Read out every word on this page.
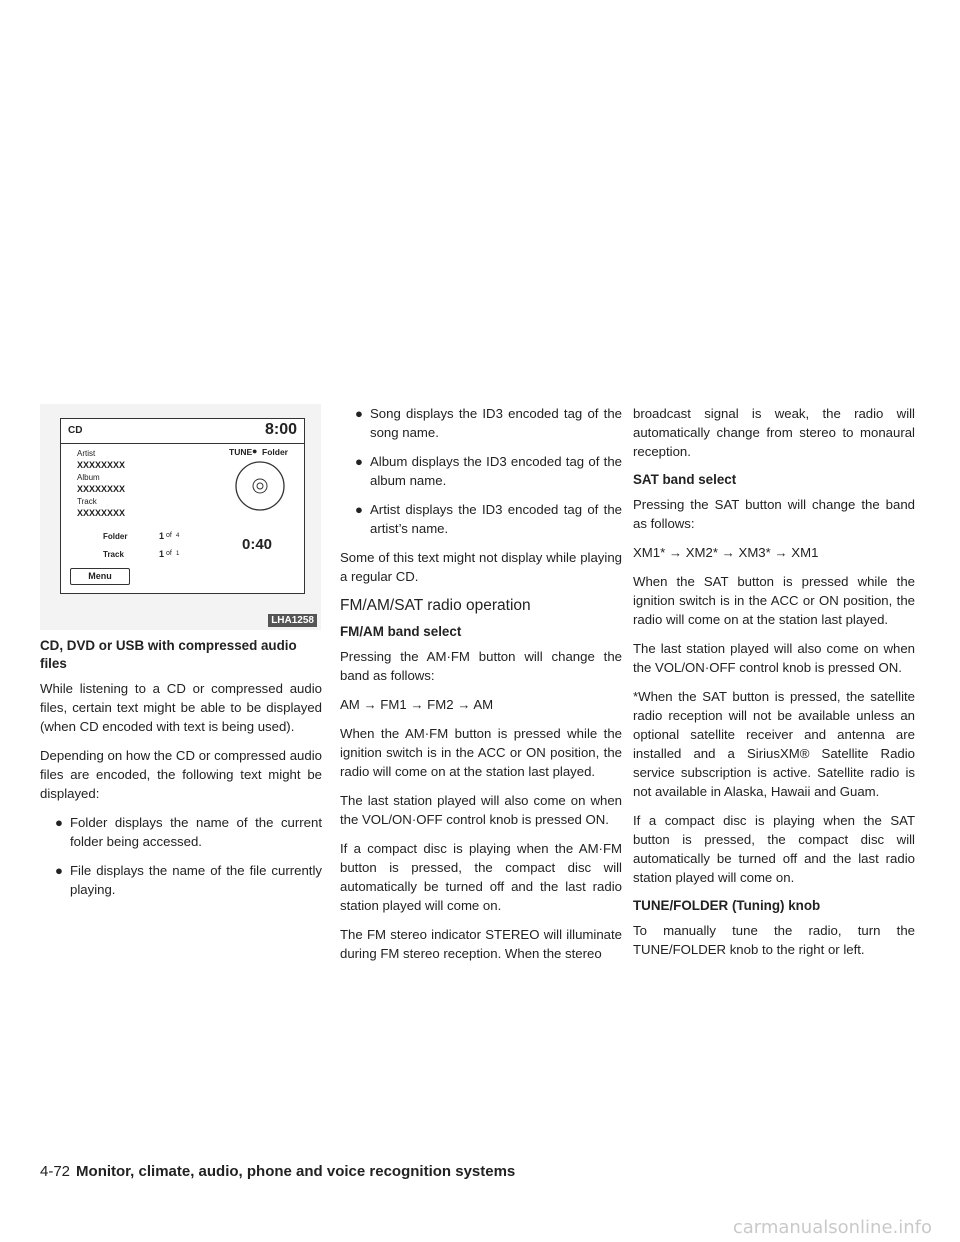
CD	8:00
Artist
XXXXXXXX
Album
XXXXXXXX
Track
XXXXXXXX
TUNE ● Folder
Folder	1 of 4
Track	1 of 1
0:40
Menu
LHA1258
CD, DVD or USB with compressed audio files

While listening to a CD or compressed audio files, certain text might be able to be displayed (when CD encoded with text is being used).

Depending on how the CD or compressed audio files are encoded, the following text might be displayed:

● Folder displays the name of the current folder being accessed.
● File displays the name of the file currently playing.
● Song displays the ID3 encoded tag of the song name.
● Album displays the ID3 encoded tag of the album name.
● Artist displays the ID3 encoded tag of the artist’s name.

Some of this text might not display while playing a regular CD.

FM/AM/SAT radio operation
FM/AM band select

Pressing the AM·FM button will change the band as follows:

AM → FM1 → FM2 → AM

When the AM·FM button is pressed while the ignition switch is in the ACC or ON position, the radio will come on at the station last played.

The last station played will also come on when the VOL/ON·OFF control knob is pressed ON.

If a compact disc is playing when the AM·FM button is pressed, the compact disc will automatically be turned off and the last radio station played will come on.

The FM stereo indicator STEREO will illuminate during FM stereo reception. When the stereo

broadcast signal is weak, the radio will automatically change from stereo to monaural reception.

SAT band select

Pressing the SAT button will change the band as follows:

XM1* → XM2* → XM3* → XM1

When the SAT button is pressed while the ignition switch is in the ACC or ON position, the radio will come on at the station last played.

The last station played will also come on when the VOL/ON·OFF control knob is pressed ON.

*When the SAT button is pressed, the satellite radio reception will not be available unless an optional satellite receiver and antenna are installed and a SiriusXM® Satellite Radio service subscription is active. Satellite radio is not available in Alaska, Hawaii and Guam.

If a compact disc is playing when the SAT button is pressed, the compact disc will automatically be turned off and the last radio station played will come on.

TUNE/FOLDER (Tuning) knob

To manually tune the radio, turn the TUNE/FOLDER knob to the right or left.

4-72 Monitor, climate, audio, phone and voice recognition systems
carmanualsonline.info
